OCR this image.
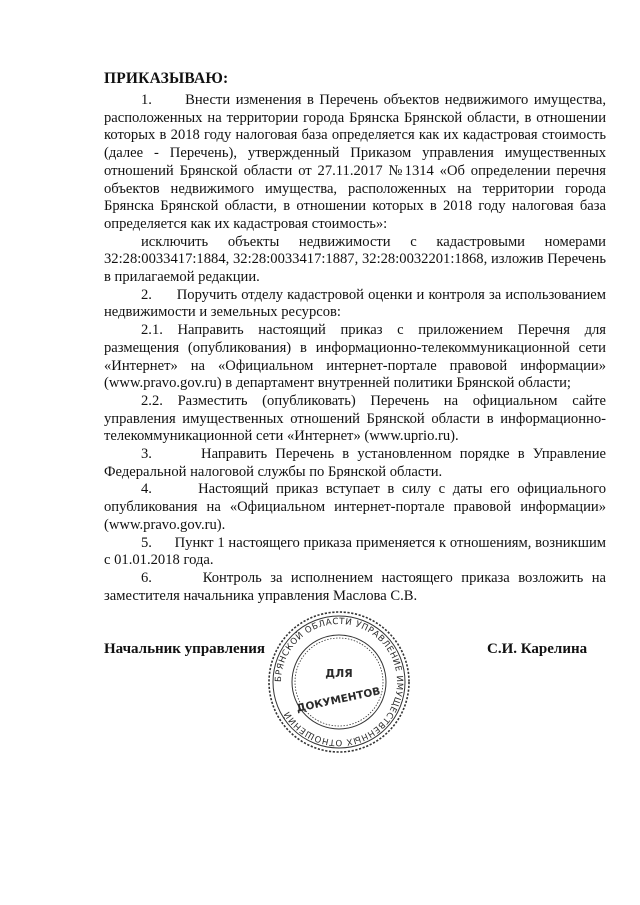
ПРИКАЗЫВАЮ:

1.      Внести изменения в Перечень объектов недвижимого имущества, расположенных на территории города Брянска Брянской области, в отношении которых в 2018 году налоговая база определяется как их кадастровая стоимость (далее - Перечень), утвержденный Приказом управления имущественных отношений Брянской области от 27.11.2017 №1314 «Об определении перечня объектов недвижимого имущества, расположенных на территории города Брянска Брянской области, в отношении которых в 2018 году налоговая база определяется как их кадастровая стоимость»:

исключить объекты недвижимости с кадастровыми номерами 32:28:0033417:1884, 32:28:0033417:1887, 32:28:0032201:1868, изложив Перечень в прилагаемой редакции.

2.      Поручить отделу кадастровой оценки и контроля за использованием недвижимости и земельных ресурсов:

2.1. Направить настоящий приказ с приложением Перечня для размещения (опубликования) в информационно-телекоммуникационной сети «Интернет» на «Официальном интернет-портале правовой информации» (www.pravo.gov.ru) в департамент внутренней политики Брянской области;

2.2. Разместить (опубликовать) Перечень на официальном сайте управления имущественных отношений Брянской области в информационно-телекоммуникационной сети «Интернет» (www.uprio.ru).

3.      Направить Перечень в установленном порядке в Управление Федеральной налоговой службы по Брянской области.

4.      Настоящий приказ вступает в силу с даты его официального опубликования на «Официальном интернет-портале правовой информации» (www.pravo.gov.ru).

5.      Пункт 1 настоящего приказа применяется к отношениям, возникшим с 01.01.2018 года.

6.      Контроль за исполнением настоящего приказа возложить на заместителя начальника управления Маслова С.В.

Начальник управления
БРЯНСКОЙ ОБЛАСТИ УПРАВЛЕНИЕ ИМУЩЕСТВЕННЫХ ОТНОШЕНИЙ
ДЛЯ
ДОКУМЕНТОВ
С.И. Карелина
